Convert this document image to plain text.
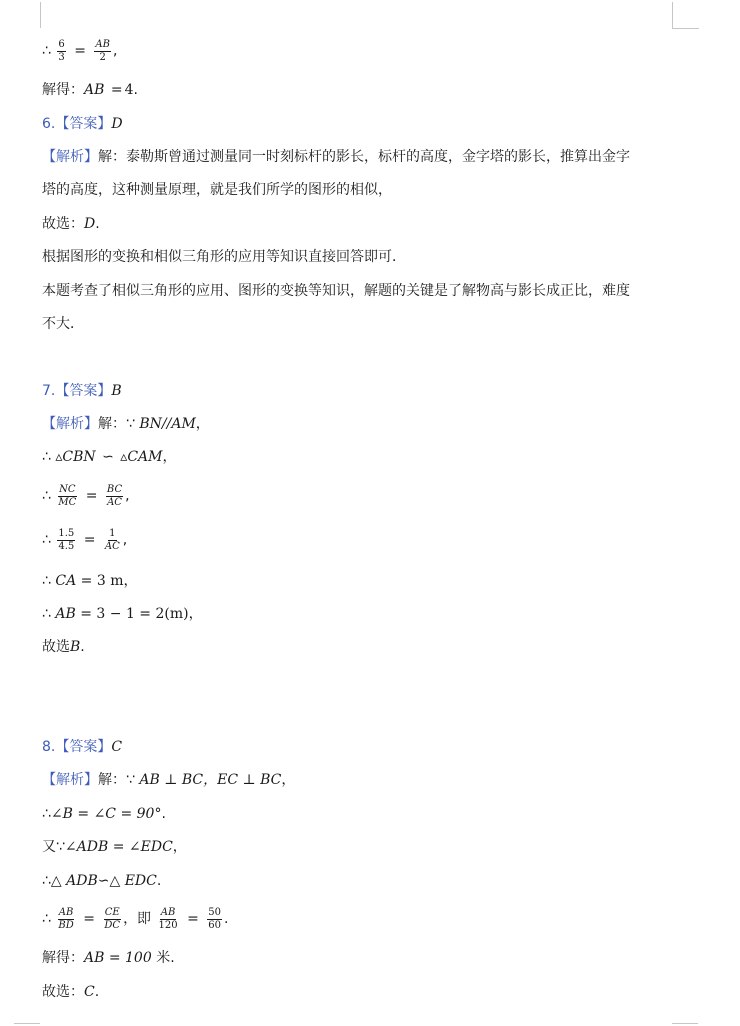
∴ $\frac{6}{3} = \frac{AB}{2}$ ,
解得：AB = 4.
6.【答案】D
【解析】解：泰勒斯曾通过测量同一时刻标杆的影长，标杆的高度，金字塔的影长，推算出金字
塔的高度，这种测量原理，就是我们所学的图形的相似，
故选：D.
根据图形的变换和相似三角形的应用等知识直接回答即可．
本题考查了相似三角形的应用、图形的变换等知识，解题的关键是了解物高与影长成正比，难度
不大．
7.【答案】B
【解析】解：∵ BN//AM，
∴ ▵CBN ∽ ▵CAM，
∴ $\frac{NC}{MC} = \frac{BC}{AC}$ ,
∴ $\frac{1.5}{4.5} = \frac{1}{AC}$ ,
∴ CA = 3 m，
∴ AB = 3 − 1 = 2(m)，
故选B.
8.【答案】C
【解析】解：∵ AB ⊥ BC，EC ⊥ BC，
∴∠B = ∠C = 90°.
又∵∠ADB = ∠EDC，
∴△ ADB∽△ EDC.
∴ $\frac{AB}{BD} = \frac{CE}{DC}$ ，即 $\frac{AB}{120} = \frac{50}{60}$ .
解得：AB = 100 米.
故选：C.
